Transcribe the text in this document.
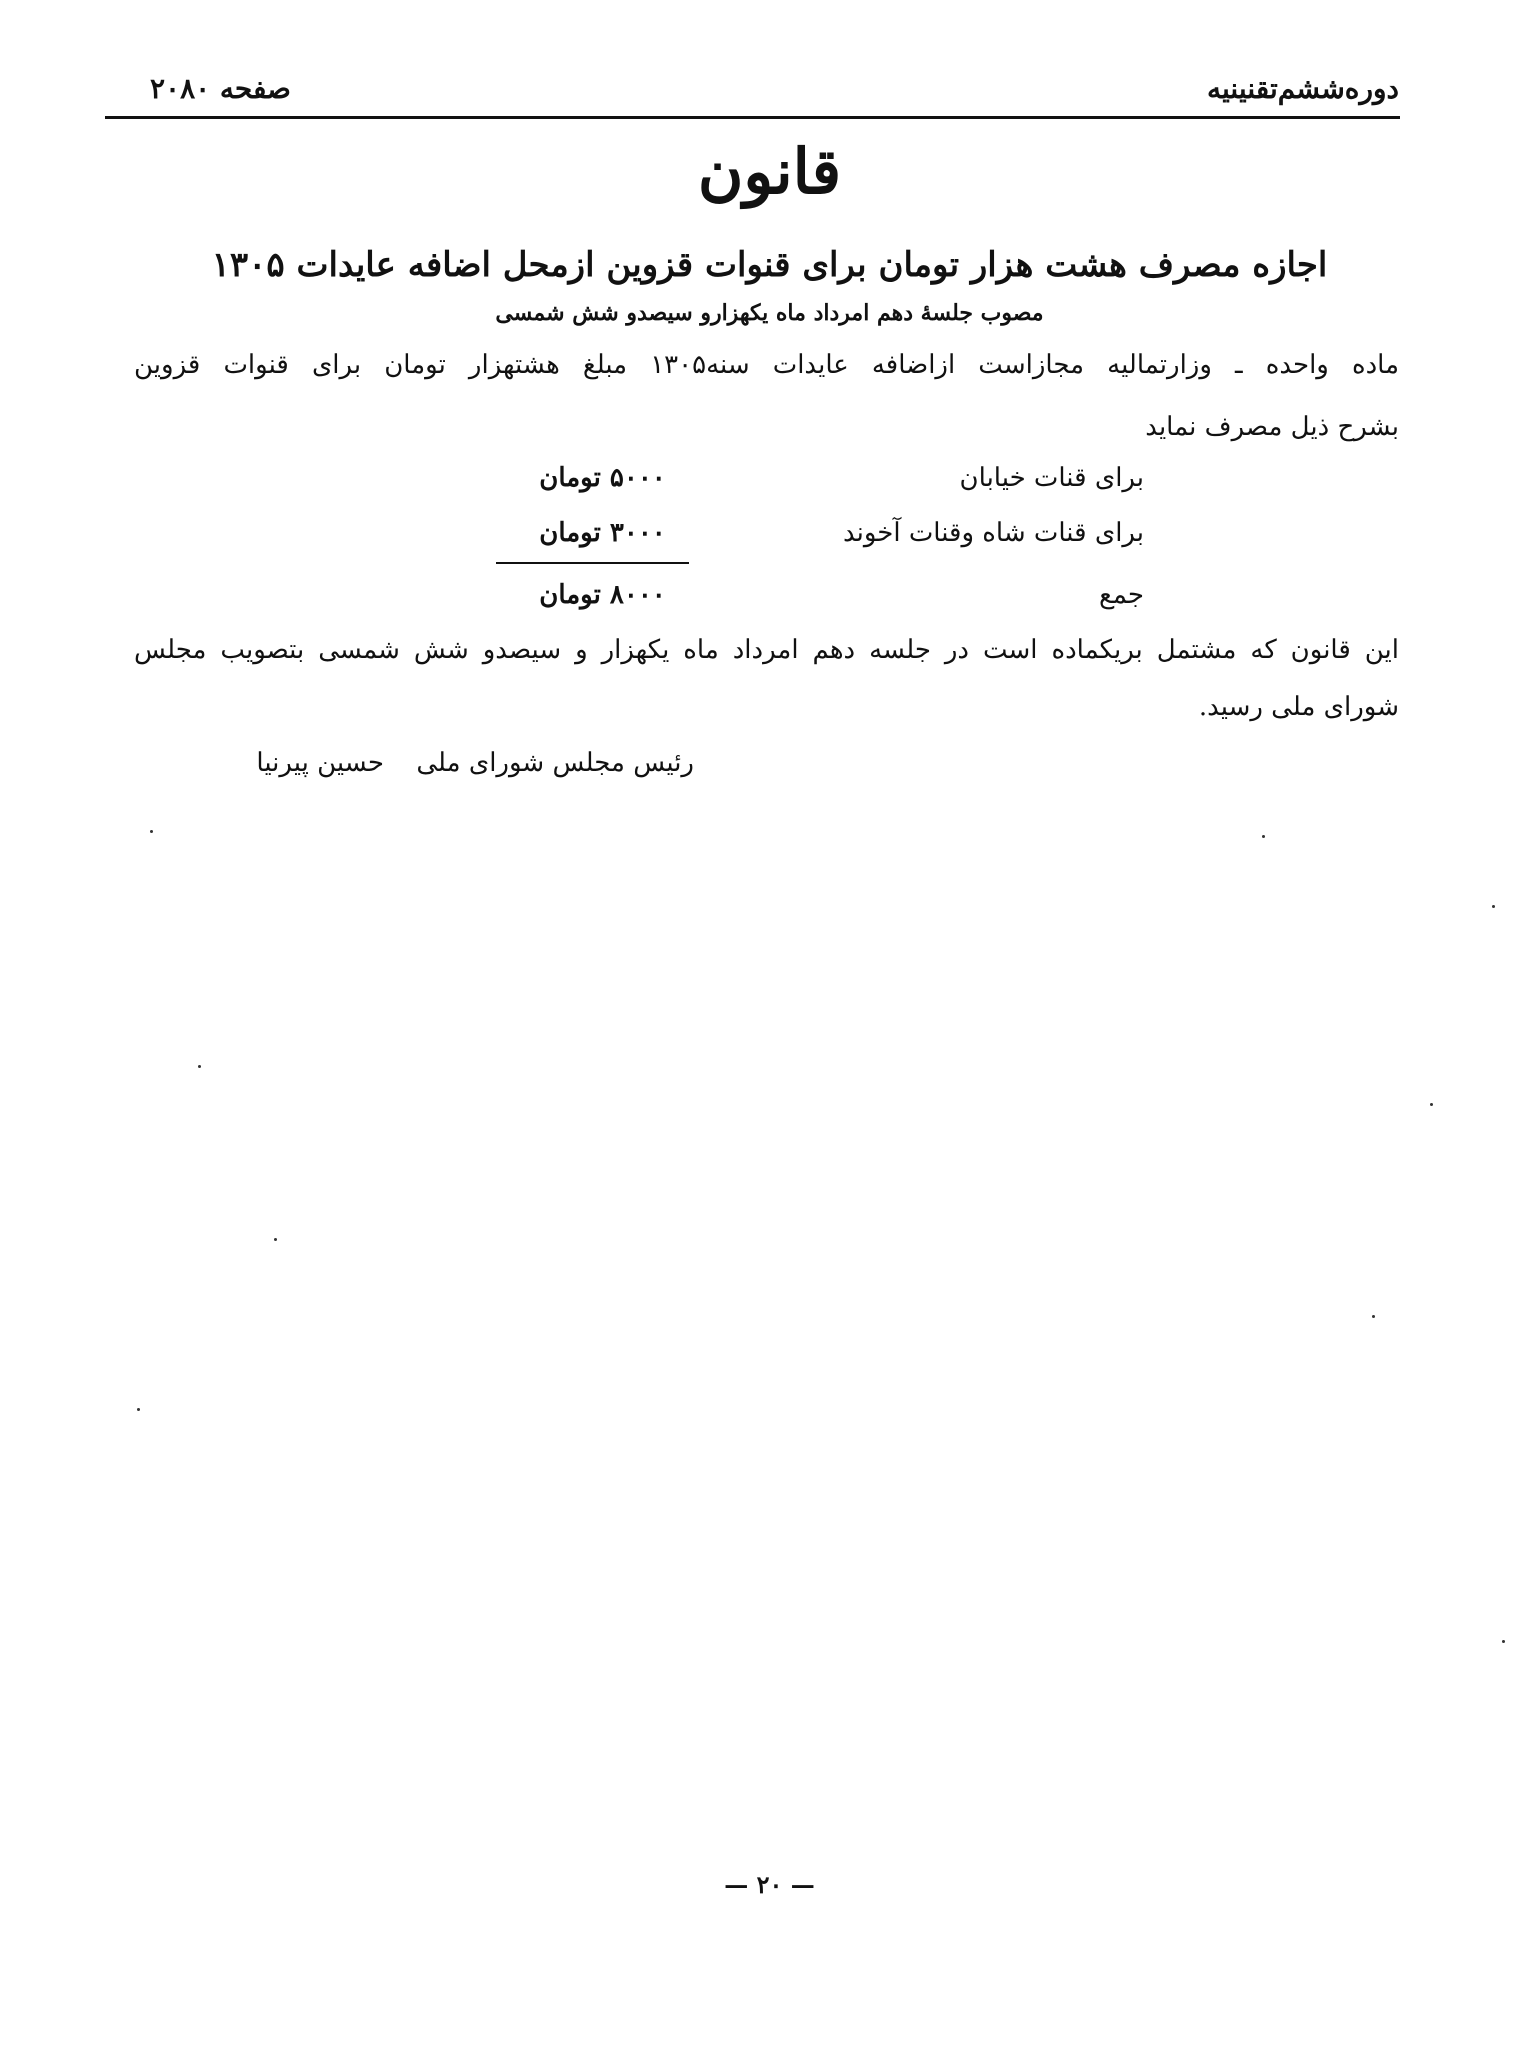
دوره‌ششم‌تقنینیه
صفحه ۲۰۸۰
قانون
اجازه مصرف هشت هزار تومان برای قنوات قزوین ازمحل اضافه عایدات ۱۳۰۵
مصوب جلسهٔ دهم امرداد ماه یکهزارو سیصدو شش شمسی
ماده واحده ـ وزارتمالیه مجازاست ازاضافه عایدات سنه۱۳۰۵ مبلغ هشتهزار تومان برای قنوات قزوین
بشرح ذیل مصرف نماید
برای قنات خیابان
۵۰۰۰ تومان
برای قنات شاه وقنات آخوند
۳۰۰۰ تومان
جمع
۸۰۰۰ تومان
این قانون که مشتمل بریکماده است در جلسه دهم امرداد ماه یکهزار و سیصدو شش شمسی بتصویب مجلس
شورای ملی رسید.
رئیس مجلس شورای ملی
حسین پیرنیا
— ۲۰ —
